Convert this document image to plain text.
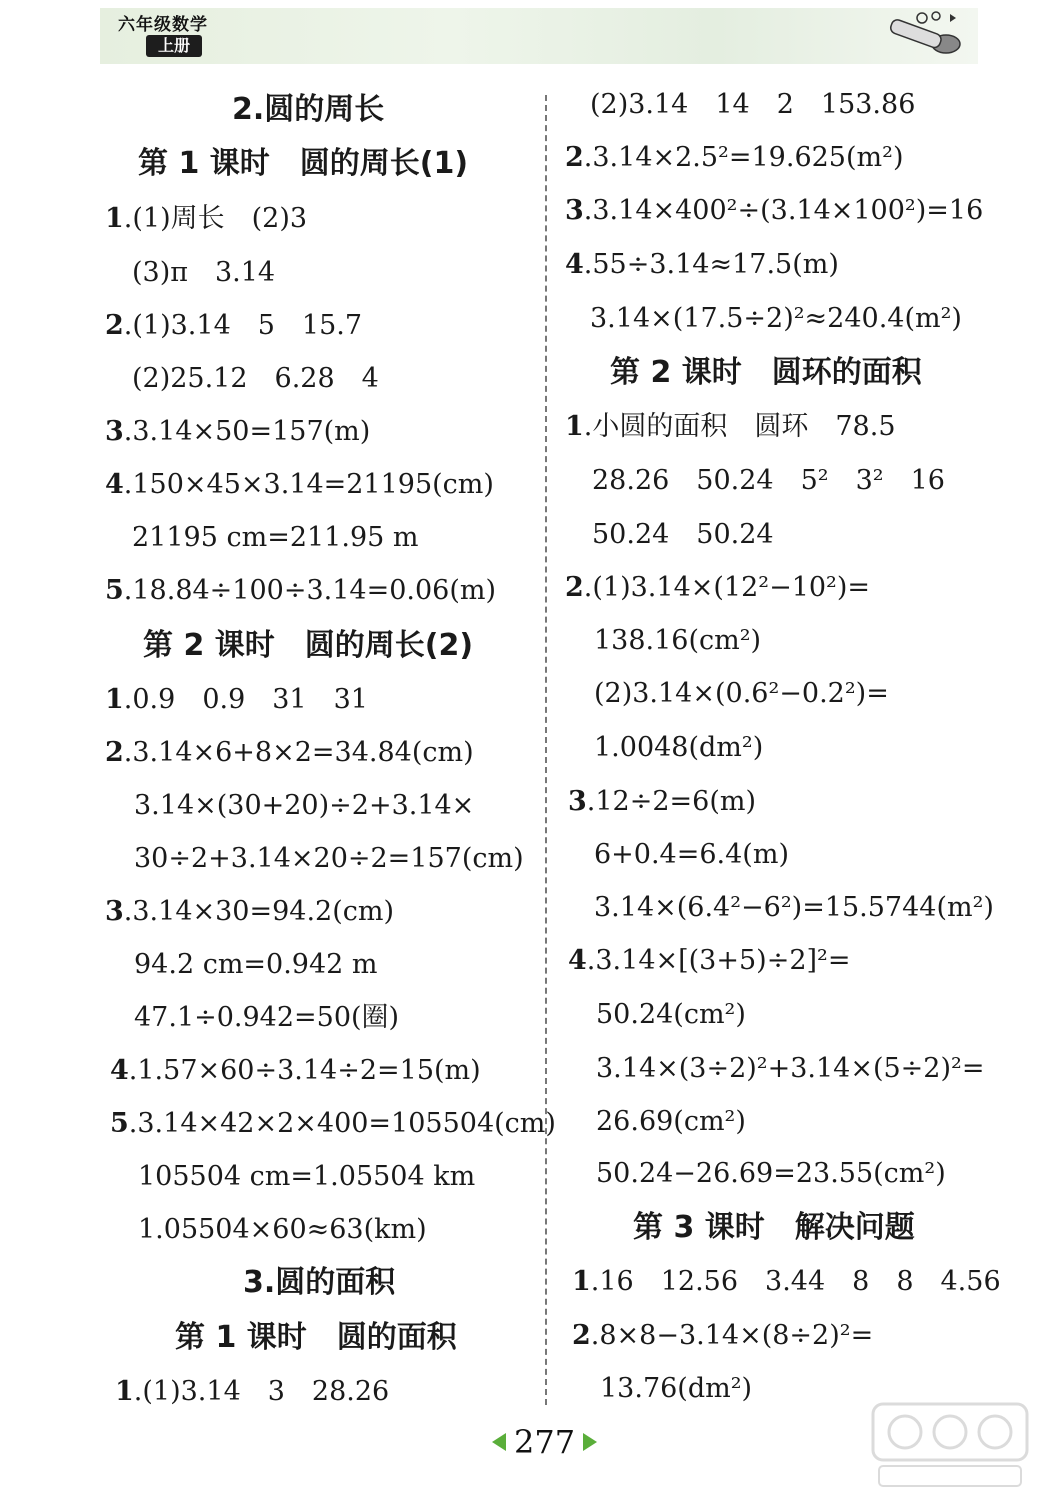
六年级数学
上册
2.圆的周长
第 1 课时　圆的周长(1)
1.(1)周长　(2)3
(3)π　3.14
2.(1)3.14　5　15.7
(2)25.12　6.28　4
3.3.14×50=157(m)
4.150×45×3.14=21195(cm)
21195 cm=211.95 m
5.18.84÷100÷3.14=0.06(m)
第 2 课时　圆的周长(2)
1.0.9　0.9　31　31
2.3.14×6+8×2=34.84(cm)
3.14×(30+20)÷2+3.14×
30÷2+3.14×20÷2=157(cm)
3.3.14×30=94.2(cm)
94.2 cm=0.942 m
47.1÷0.942=50(圈)
4.1.57×60÷3.14÷2=15(m)
5.3.14×42×2×400=105504(cm)
105504 cm=1.05504 km
1.05504×60≈63(km)
3.圆的面积
第 1 课时　圆的面积
1.(1)3.14　3　28.26
(2)3.14　14　2　153.86
2.3.14×2.5²=19.625(m²)
3.3.14×400²÷(3.14×100²)=16
4.55÷3.14≈17.5(m)
3.14×(17.5÷2)²≈240.4(m²)
第 2 课时　圆环的面积
1.小圆的面积　圆环　78.5
28.26　50.24　5²　3²　16
50.24　50.24
2.(1)3.14×(12²−10²)=
138.16(cm²)
(2)3.14×(0.6²−0.2²)=
1.0048(dm²)
3.12÷2=6(m)
6+0.4=6.4(m)
3.14×(6.4²−6²)=15.5744(m²)
4.3.14×[(3+5)÷2]²=
50.24(cm²)
3.14×(3÷2)²+3.14×(5÷2)²=
26.69(cm²)
50.24−26.69=23.55(cm²)
第 3 课时　解决问题
1.16　12.56　3.44　8　8　4.56
2.8×8−3.14×(8÷2)²=
13.76(dm²)
277
